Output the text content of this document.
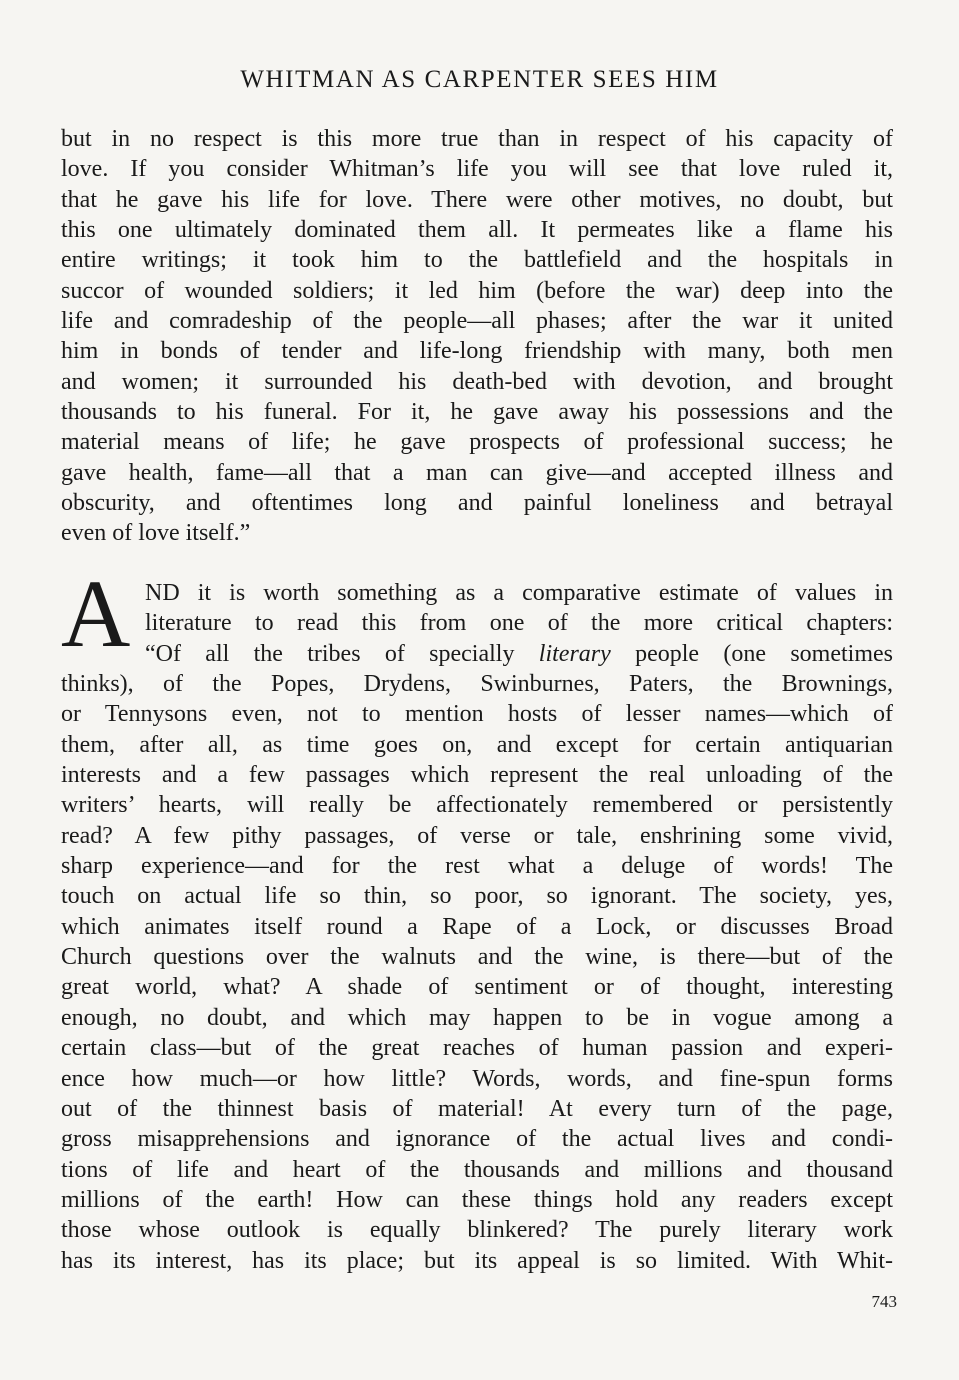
WHITMAN AS CARPENTER SEES HIM
but in no respect is this more true than in respect of his capacity of
love. If you consider Whitman’s life you will see that love ruled it,
that he gave his life for love. There were other motives, no doubt, but
this one ultimately dominated them all. It permeates like a flame his
entire writings; it took him to the battlefield and the hospitals in
succor of wounded soldiers; it led him (before the war) deep into the
life and comradeship of the people—all phases; after the war it united
him in bonds of tender and life-long friendship with many, both men
and women; it surrounded his death-bed with devotion, and brought
thousands to his funeral. For it, he gave away his possessions and the
material means of life; he gave prospects of professional success; he
gave health, fame—all that a man can give—and accepted illness and
obscurity, and oftentimes long and painful loneliness and betrayal
even of love itself.”
A ND it is worth something as a comparative estimate of values in
literature to read this from one of the more critical chapters:
“Of all the tribes of specially literary people (one sometimes
thinks), of the Popes, Drydens, Swinburnes, Paters, the Brownings,
or Tennysons even, not to mention hosts of lesser names—which of
them, after all, as time goes on, and except for certain antiquarian
interests and a few passages which represent the real unloading of the
writers’ hearts, will really be affectionately remembered or persistently
read? A few pithy passages, of verse or tale, enshrining some vivid,
sharp experience—and for the rest what a deluge of words! The
touch on actual life so thin, so poor, so ignorant. The society, yes,
which animates itself round a Rape of a Lock, or discusses Broad
Church questions over the walnuts and the wine, is there—but of the
great world, what? A shade of sentiment or of thought, interesting
enough, no doubt, and which may happen to be in vogue among a
certain class—but of the great reaches of human passion and experi-
ence how much—or how little? Words, words, and fine-spun forms
out of the thinnest basis of material! At every turn of the page,
gross misapprehensions and ignorance of the actual lives and condi-
tions of life and heart of the thousands and millions and thousand
millions of the earth! How can these things hold any readers except
those whose outlook is equally blinkered? The purely literary work
has its interest, has its place; but its appeal is so limited. With Whit-
743
